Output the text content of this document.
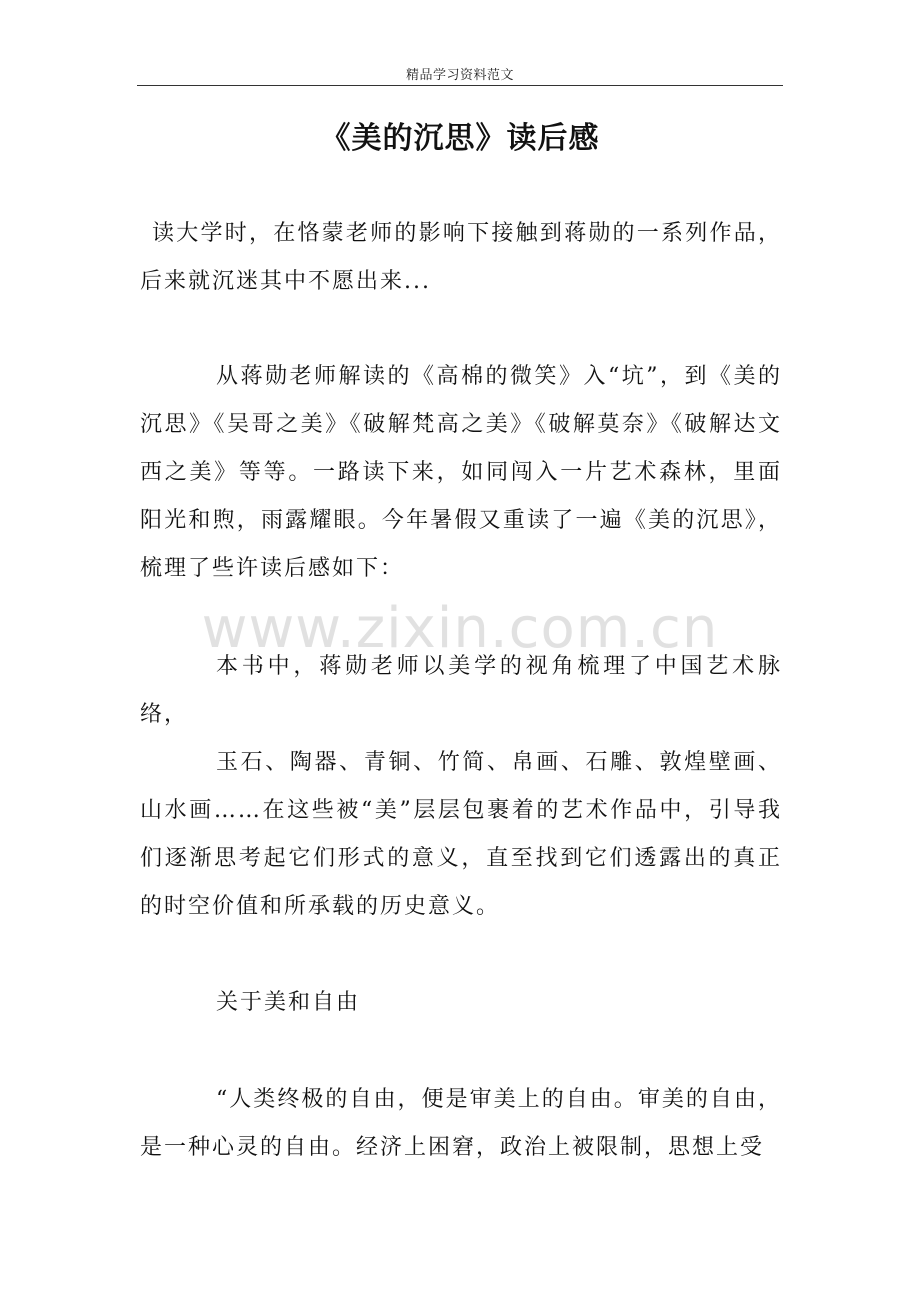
精品学习资料范文
《美的沉思》读后感

读大学时，在恪蒙老师的影响下接触到蒋勋的一系列作品，后来就沉迷其中不愿出来...

从蒋勋老师解读的《高棉的微笑》入“坑”，到《美的沉思》《吴哥之美》《破解梵高之美》《破解莫奈》《破解达文西之美》等等。一路读下来，如同闯入一片艺术森林，里面阳光和煦，雨露耀眼。今年暑假又重读了一遍《美的沉思》，梳理了些许读后感如下：

本书中，蒋勋老师以美学的视角梳理了中国艺术脉络，

玉石、陶器、青铜、竹简、帛画、石雕、敦煌壁画、山水画……在这些被“美”层层包裹着的艺术作品中，引导我们逐渐思考起它们形式的意义，直至找到它们透露出的真正的时空价值和所承载的历史意义。

关于美和自由

“人类终极的自由，便是审美上的自由。审美的自由，是一种心灵的自由。经济上困窘，政治上被限制，思想上受

www.zixin.com.cn
